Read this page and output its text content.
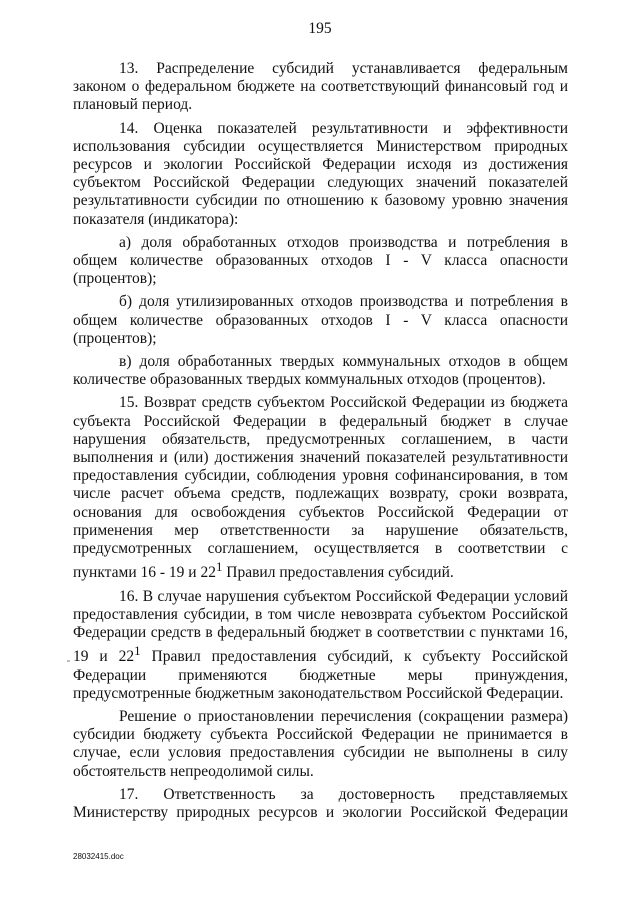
195

13. Распределение субсидий устанавливается федеральным законом о федеральном бюджете на соответствующий финансовый год и плановый период.

14. Оценка показателей результативности и эффективности использования субсидии осуществляется Министерством природных ресурсов и экологии Российской Федерации исходя из достижения субъектом Российской Федерации следующих значений показателей результативности субсидии по отношению к базовому уровню значения показателя (индикатора):

а) доля обработанных отходов производства и потребления в общем количестве образованных отходов I - V класса опасности (процентов);

б) доля утилизированных отходов производства и потребления в общем количестве образованных отходов I - V класса опасности (процентов);

в) доля обработанных твердых коммунальных отходов в общем количестве образованных твердых коммунальных отходов (процентов).

15. Возврат средств субъектом Российской Федерации из бюджета субъекта Российской Федерации в федеральный бюджет в случае нарушения обязательств, предусмотренных соглашением, в части выполнения и (или) достижения значений показателей результативности предоставления субсидии, соблюдения уровня софинансирования, в том числе расчет объема средств, подлежащих возврату, сроки возврата, основания для освобождения субъектов Российской Федерации от применения мер ответственности за нарушение обязательств, предусмотренных соглашением, осуществляется в соответствии с пунктами 16 - 19 и $22^1$ Правил предоставления субсидий.

16. В случае нарушения субъектом Российской Федерации условий предоставления субсидии, в том числе невозврата субъектом Российской Федерации средств в федеральный бюджет в соответствии с пунктами 16, 19 и $22^1$ Правил предоставления субсидий, к субъекту Российской Федерации применяются бюджетные меры принуждения, предусмотренные бюджетным законодательством Российской Федерации.

Решение о приостановлении перечисления (сокращении размера) субсидии бюджету субъекта Российской Федерации не принимается в случае, если условия предоставления субсидии не выполнены в силу обстоятельств непреодолимой силы.

17. Ответственность за достоверность представляемых Министерству природных ресурсов и экологии Российской Федерации

28032415.doc
